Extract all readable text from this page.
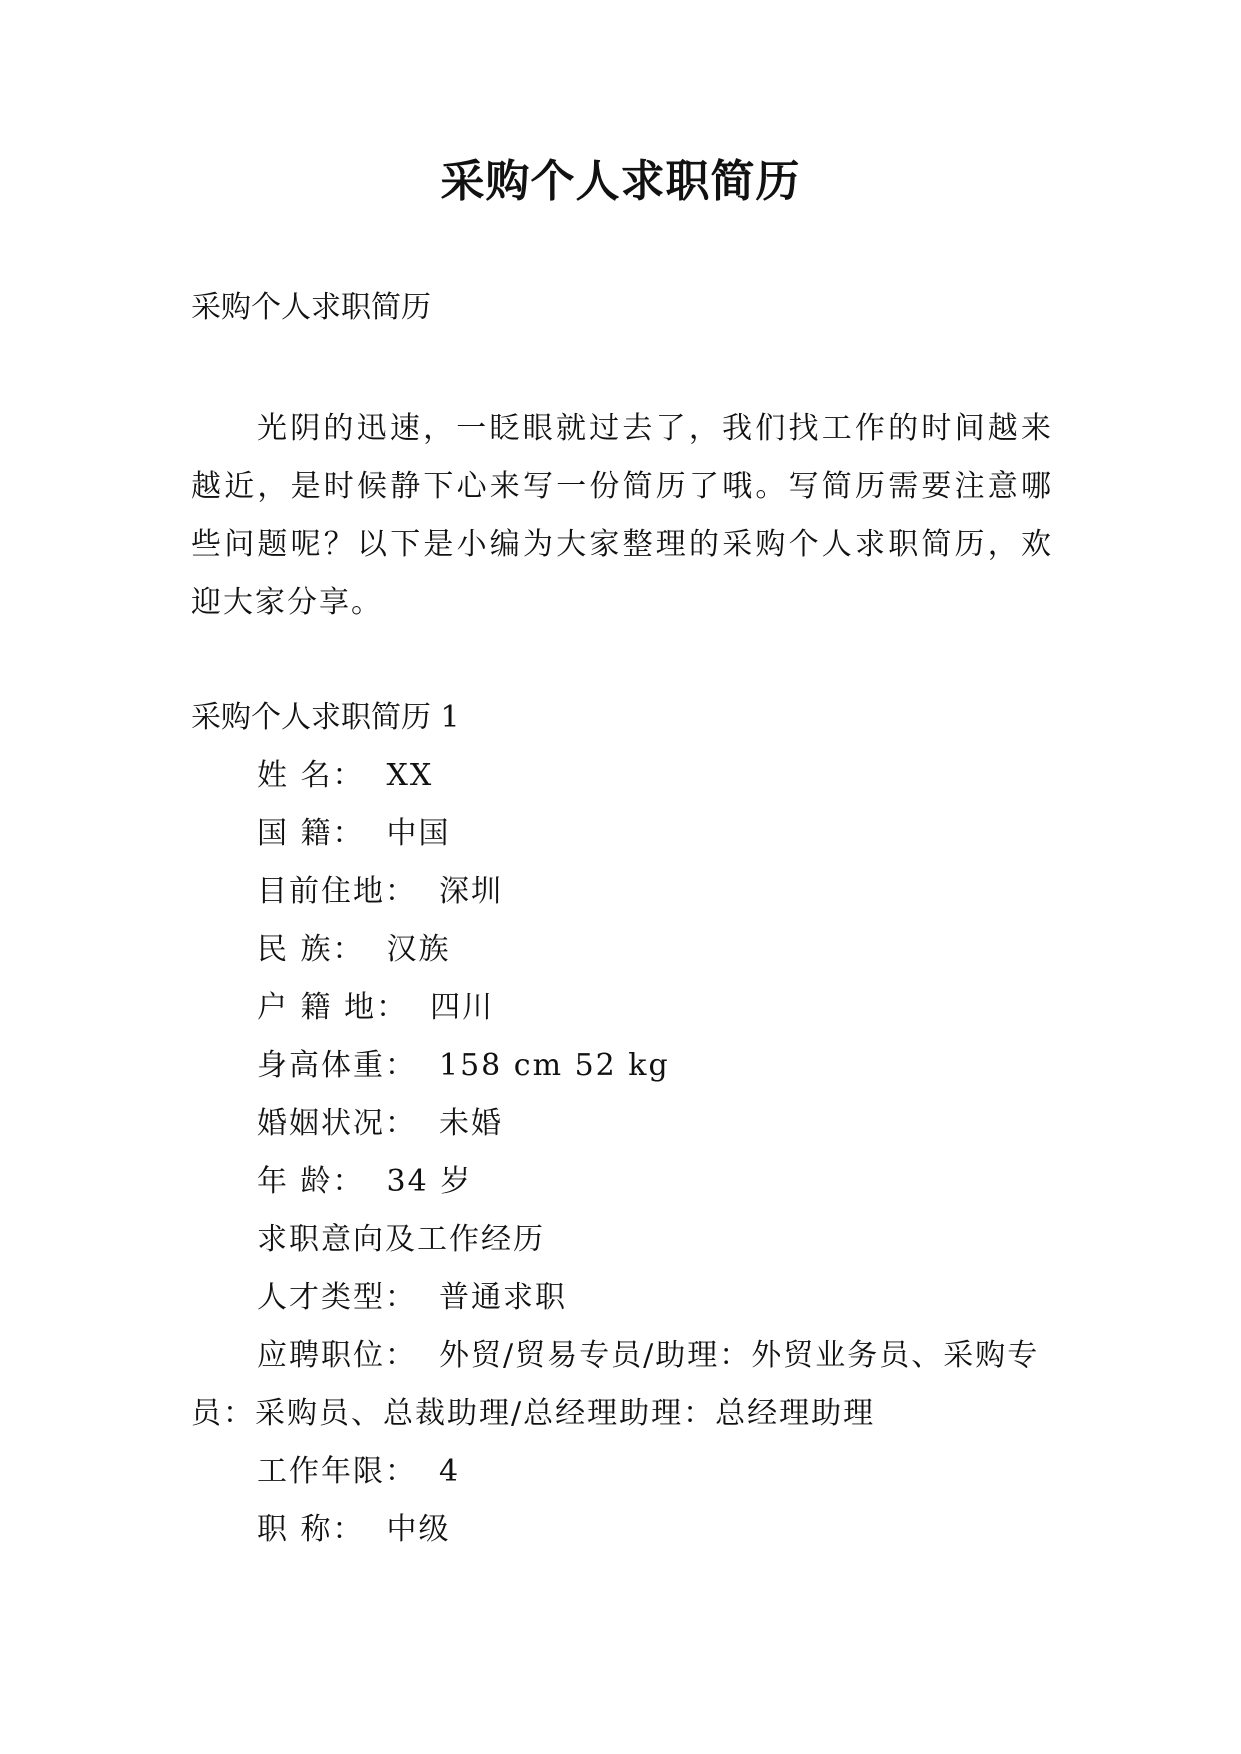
采购个人求职简历
采购个人求职简历
光阴的迅速，一眨眼就过去了，我们找工作的时间越来越近，是时候静下心来写一份简历了哦。写简历需要注意哪些问题呢？以下是小编为大家整理的采购个人求职简历，欢迎大家分享。
采购个人求职简历 1
姓 名： XX
国 籍： 中国
目前住地： 深圳
民 族： 汉族
户 籍 地： 四川
身高体重： 158 cm 52 kg
婚姻状况： 未婚
年 龄： 34 岁
求职意向及工作经历
人才类型： 普通求职
应聘职位： 外贸/贸易专员/助理：外贸业务员、采购专员：采购员、总裁助理/总经理助理：总经理助理
工作年限： 4
职 称： 中级
